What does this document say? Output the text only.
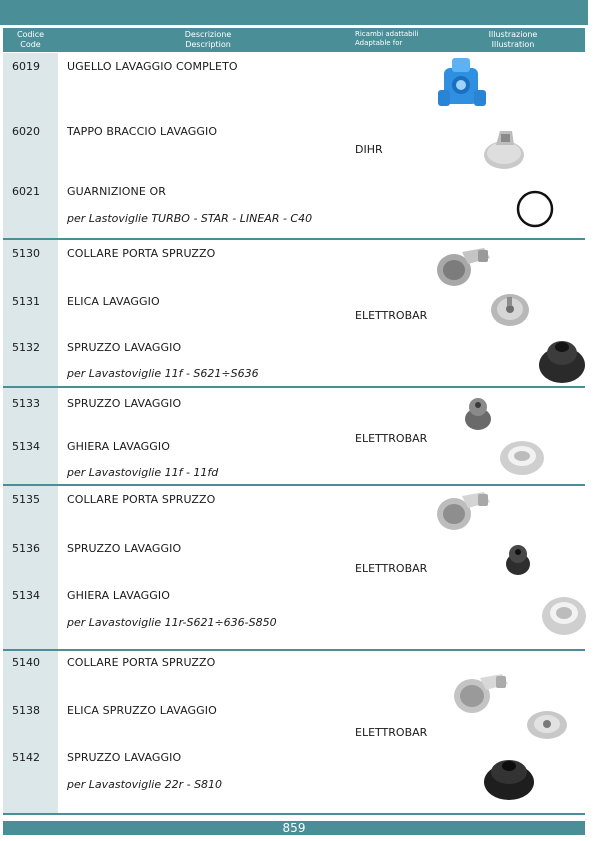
Codice
Code
Descrizione
Description
Ricambi adattabili
Adaptable for
Illustrazione
Illustration
6019 UGELLO LAVAGGIO COMPLETO
6020 TAPPO BRACCIO LAVAGGIO
6021 GUARNIZIONE OR
per Lastoviglie TURBO - STAR - LINEAR - C40
DIHR
5130 COLLARE PORTA SPRUZZO
5131 ELICA LAVAGGIO
5132 SPRUZZO LAVAGGIO
per Lavastoviglie 11f - S621÷S636
ELETTROBAR
5133 SPRUZZO LAVAGGIO
5134 GHIERA LAVAGGIO
per Lavastoviglie 11f - 11fd
ELETTROBAR
5135 COLLARE PORTA SPRUZZO
5136 SPRUZZO LAVAGGIO
5134 GHIERA LAVAGGIO
per Lavastoviglie 11r-S621÷636-S850
ELETTROBAR
5140 COLLARE PORTA SPRUZZO
5138 ELICA SPRUZZO LAVAGGIO
5142 SPRUZZO LAVAGGIO
per Lavastoviglie 22r - S810
ELETTROBAR
859
